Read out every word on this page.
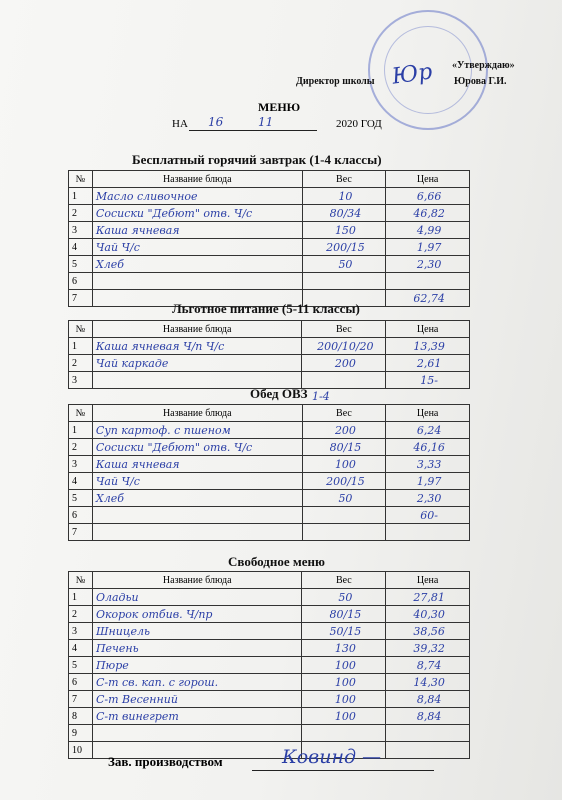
«Утверждаю»
Директор школы Юр Юрова Г.И.
МЕНЮ
НА 16	11	2020 ГОД
Бесплатный горячий завтрак (1-4 классы)
№	Название блюда	Вес	Цена
1	Масло сливочное	10	6,66
2	Сосиски "Дебют" отв. Ч/с	80/34	46,82
3	Каша ячневая	150	4,99
4	Чай Ч/с	200/15	1,97
5	Хлеб	50	2,30
6			
7			62,74
Льготное питание (5-11 классы)
№	Название блюда	Вес	Цена
1	Каша ячневая Ч/п Ч/с	200/10/20	13,39
2	Чай каркаде	200	2,61
3			15-
Обед ОВЗ 1-4
№	Название блюда	Вес	Цена
1	Суп картоф. с пшеном	200	6,24
2	Сосиски "Дебют" отв. Ч/с	80/15	46,16
3	Каша ячневая	100	3,33
4	Чай Ч/с	200/15	1,97
5	Хлеб	50	2,30
6			60-
7			
Свободное меню
№	Название блюда	Вес	Цена
1	Оладьи	50	27,81
2	Окорок отбив. Ч/пр	80/15	40,30
3	Шницель	50/15	38,56
4	Печень	130	39,32
5	Пюре	100	8,74
6	С-т св. кап. с горош.	100	14,30
7	С-т Весенний	100	8,84
8	С-т винегрет	100	8,84
9			
10			
Зав. производством	Ковинд —
